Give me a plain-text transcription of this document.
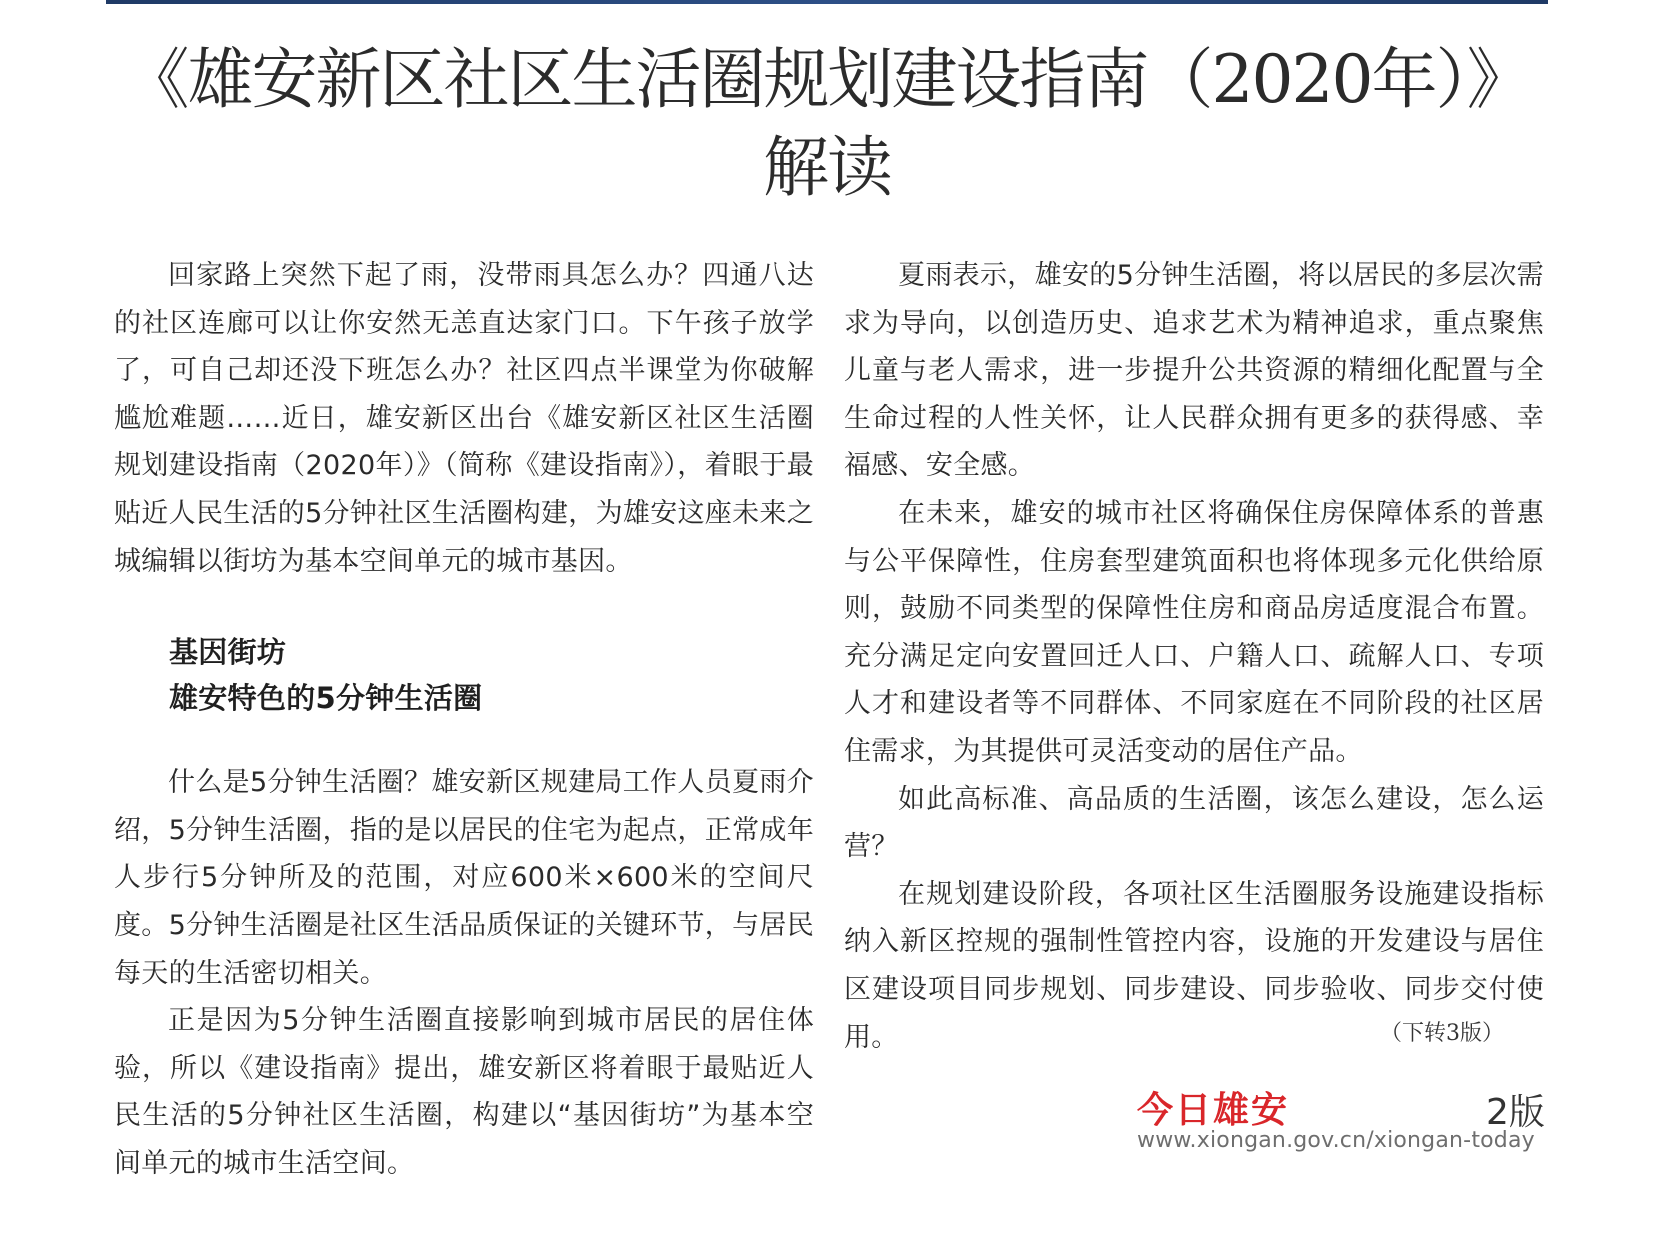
《雄安新区社区生活圈规划建设指南（2020年）》
解读

回家路上突然下起了雨，没带雨具怎么办？四通八达的社区连廊可以让你安然无恙直达家门口。下午孩子放学了，可自己却还没下班怎么办？社区四点半课堂为你破解尴尬难题……近日，雄安新区出台《雄安新区社区生活圈规划建设指南（2020年）》（简称《建设指南》），着眼于最贴近人民生活的5分钟社区生活圈构建，为雄安这座未来之城编辑以街坊为基本空间单元的城市基因。

基因街坊
雄安特色的5分钟生活圈

什么是5分钟生活圈？雄安新区规建局工作人员夏雨介绍，5分钟生活圈，指的是以居民的住宅为起点，正常成年人步行5分钟所及的范围，对应600米×600米的空间尺度。5分钟生活圈是社区生活品质保证的关键环节，与居民每天的生活密切相关。

正是因为5分钟生活圈直接影响到城市居民的居住体验，所以《建设指南》提出，雄安新区将着眼于最贴近人民生活的5分钟社区生活圈，构建以“基因街坊”为基本空间单元的城市生活空间。

夏雨表示，雄安的5分钟生活圈，将以居民的多层次需求为导向，以创造历史、追求艺术为精神追求，重点聚焦儿童与老人需求，进一步提升公共资源的精细化配置与全生命过程的人性关怀，让人民群众拥有更多的获得感、幸福感、安全感。

在未来，雄安的城市社区将确保住房保障体系的普惠与公平保障性，住房套型建筑面积也将体现多元化供给原则，鼓励不同类型的保障性住房和商品房适度混合布置。充分满足定向安置回迁人口、户籍人口、疏解人口、专项人才和建设者等不同群体、不同家庭在不同阶段的社区居住需求，为其提供可灵活变动的居住产品。

如此高标准、高品质的生活圈，该怎么建设，怎么运营？

在规划建设阶段，各项社区生活圈服务设施建设指标纳入新区控规的强制性管控内容，设施的开发建设与居住区建设项目同步规划、同步建设、同步验收、同步交付使用。	（下转3版）
今日雄安	2版
www.xiongan.gov.cn/xiongan-today
